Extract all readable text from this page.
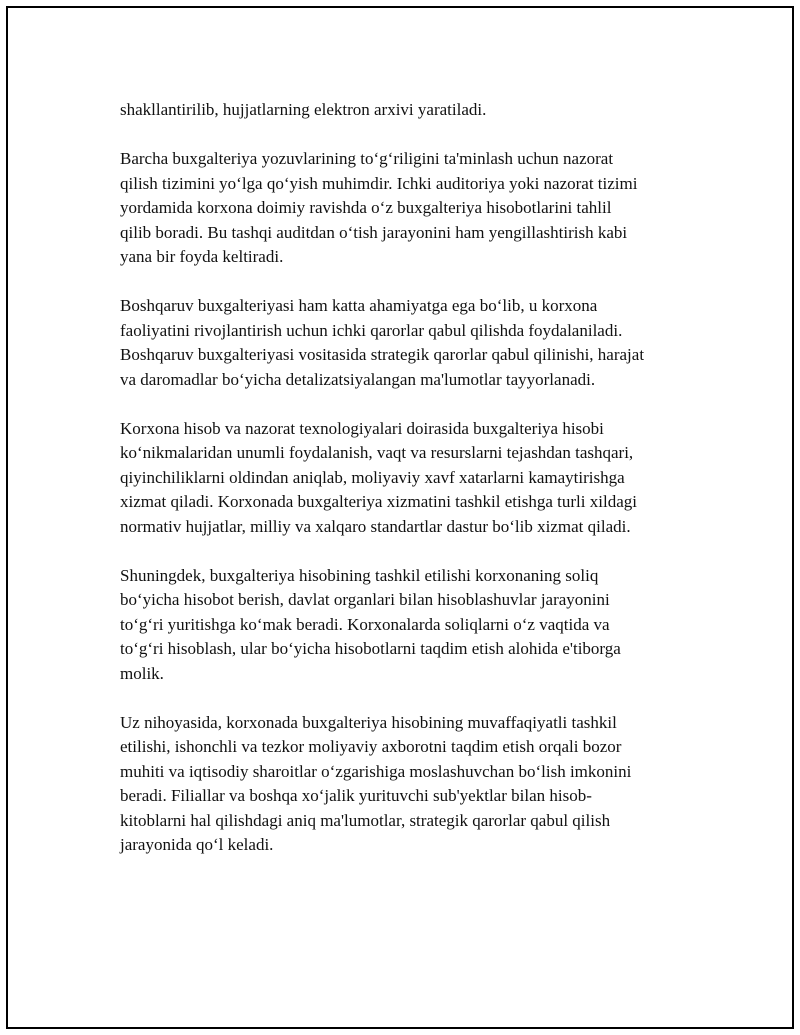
shakllantirilib, hujjatlarning elektron arxivi yaratiladi.

Barcha buxgalteriya yozuvlarining to‘g‘riligini ta'minlash uchun nazorat
qilish tizimini yo‘lga qo‘yish muhimdir. Ichki auditoriya yoki nazorat tizimi
yordamida korxona doimiy ravishda o‘z buxgalteriya hisobotlarini tahlil
qilib boradi. Bu tashqi auditdan o‘tish jarayonini ham yengillashtirish kabi
yana bir foyda keltiradi.

Boshqaruv buxgalteriyasi ham katta ahamiyatga ega bo‘lib, u korxona
faoliyatini rivojlantirish uchun ichki qarorlar qabul qilishda foydalaniladi.
Boshqaruv buxgalteriyasi vositasida strategik qarorlar qabul qilinishi, harajat
va daromadlar bo‘yicha detalizatsiyalangan ma'lumotlar tayyorlanadi.

Korxona hisob va nazorat texnologiyalari doirasida buxgalteriya hisobi
ko‘nikmalaridan unumli foydalanish, vaqt va resurslarni tejashdan tashqari,
qiyinchiliklarni oldindan aniqlab, moliyaviy xavf xatarlarni kamaytirishga
xizmat qiladi. Korxonada buxgalteriya xizmatini tashkil etishga turli xildagi
normativ hujjatlar, milliy va xalqaro standartlar dastur bo‘lib xizmat qiladi.

Shuningdek, buxgalteriya hisobining tashkil etilishi korxonaning soliq
bo‘yicha hisobot berish, davlat organlari bilan hisoblashuvlar jarayonini
to‘g‘ri yuritishga ko‘mak beradi. Korxonalarda soliqlarni o‘z vaqtida va
to‘g‘ri hisoblash, ular bo‘yicha hisobotlarni taqdim etish alohida e'tiborga
molik.

Uz nihoyasida, korxonada buxgalteriya hisobining muvaffaqiyatli tashkil
etilishi, ishonchli va tezkor moliyaviy axborotni taqdim etish orqali bozor
muhiti va iqtisodiy sharoitlar o‘zgarishiga moslashuvchan bo‘lish imkonini
beradi. Filiallar va boshqa xo‘jalik yurituvchi sub'yektlar bilan hisob-
kitoblarni hal qilishdagi aniq ma'lumotlar, strategik qarorlar qabul qilish
jarayonida qo‘l keladi.
